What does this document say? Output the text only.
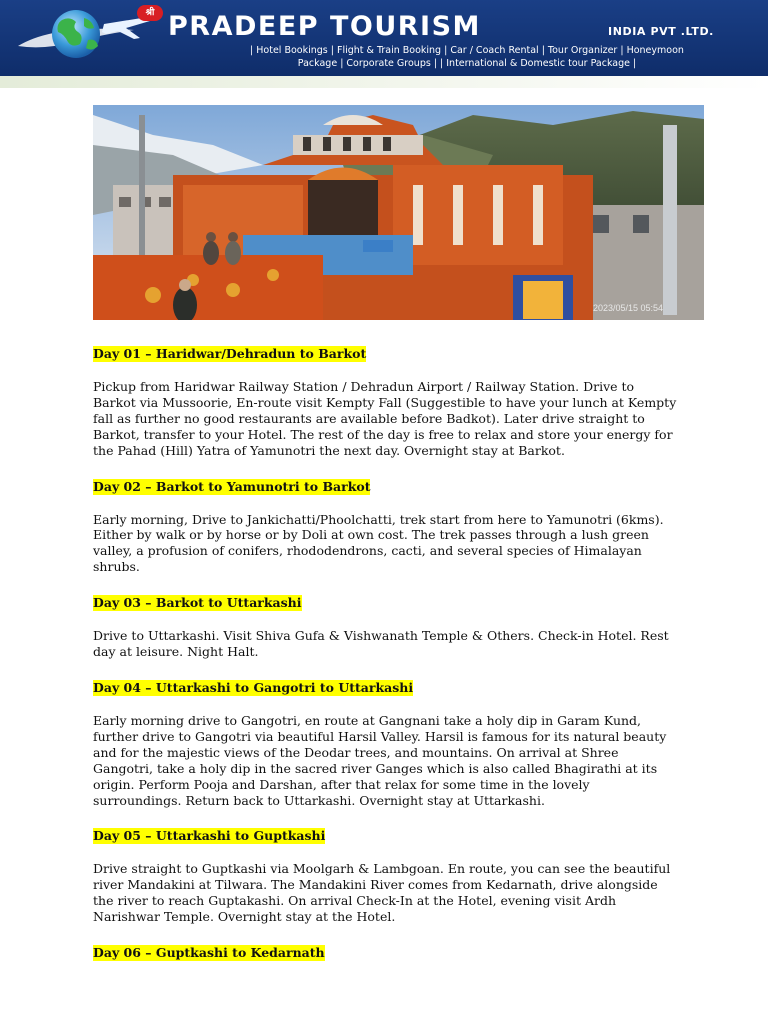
श्री PRADEEP TOURISM	INDIA PVT .LTD.
| Hotel Bookings | Flight & Train Booking | Car / Coach Rental | Tour Organizer | Honeymoon
Package | Corporate Groups | | International & Domestic tour Package |
2023/05/15 05:54
Day 01 – Haridwar/Dehradun to Barkot

Pickup from Haridwar Railway Station / Dehradun Airport / Railway Station. Drive to Barkot via Mussoorie, En-route visit Kempty Fall (Suggestible to have your lunch at Kempty fall as further no good restaurants are available before Badkot). Later drive straight to Barkot, transfer to your Hotel. The rest of the day is free to relax and store your energy for the Pahad (Hill) Yatra of Yamunotri the next day. Overnight stay at Barkot.

Day 02 – Barkot to Yamunotri to Barkot

Early morning, Drive to Jankichatti/Phoolchatti, trek start from here to Yamunotri (6kms). Either by walk or by horse or by Doli at own cost. The trek passes through a lush green valley, a profusion of conifers, rhododendrons, cacti, and several species of Himalayan shrubs.

Day 03 – Barkot to Uttarkashi

Drive to Uttarkashi. Visit Shiva Gufa & Vishwanath Temple & Others. Check-in Hotel. Rest day at leisure. Night Halt.

Day 04 – Uttarkashi to Gangotri to Uttarkashi

Early morning drive to Gangotri, en route at Gangnani take a holy dip in Garam Kund, further drive to Gangotri via beautiful Harsil Valley. Harsil is famous for its natural beauty and for the majestic views of the Deodar trees, and mountains. On arrival at Shree Gangotri, take a holy dip in the sacred river Ganges which is also called Bhagirathi at its origin. Perform Pooja and Darshan, after that relax for some time in the lovely surroundings. Return back to Uttarkashi. Overnight stay at Uttarkashi.

Day 05 – Uttarkashi to Guptkashi

Drive straight to Guptkashi via Moolgarh & Lambgoan. En route, you can see the beautiful river Mandakini at Tilwara. The Mandakini River comes from Kedarnath, drive alongside the river to reach Guptakashi. On arrival Check-In at the Hotel, evening visit Ardh Narishwar Temple. Overnight stay at the Hotel.

Day 06 – Guptkashi to Kedarnath
